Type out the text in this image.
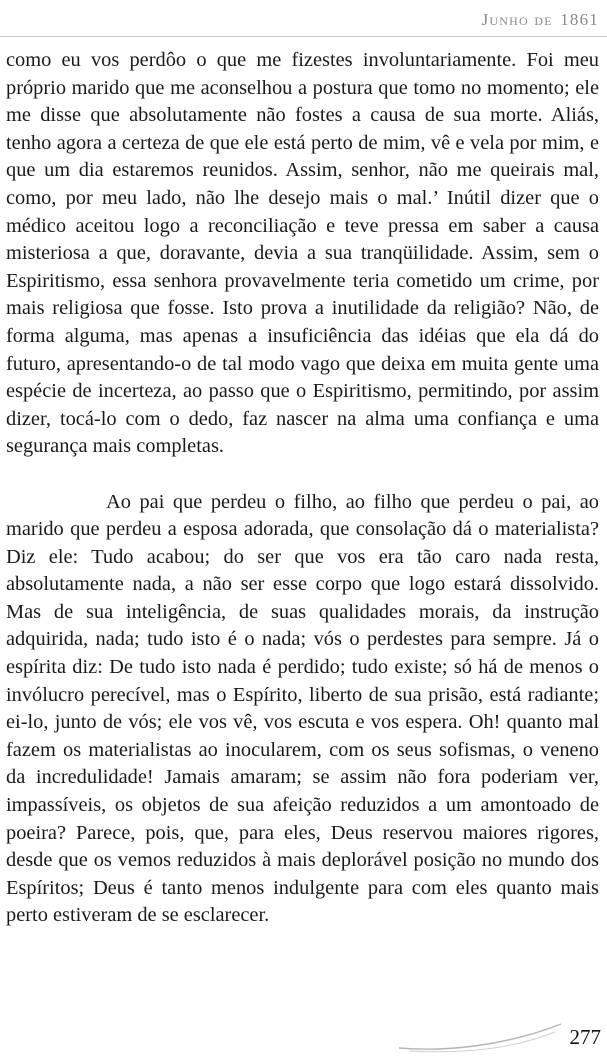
Junho de 1861

como eu vos perdôo o que me fizestes involuntariamente. Foi meu próprio marido que me aconselhou a postura que tomo no momento; ele me disse que absolutamente não fostes a causa de sua morte. Aliás, tenho agora a certeza de que ele está perto de mim, vê e vela por mim, e que um dia estaremos reunidos. Assim, senhor, não me queirais mal, como, por meu lado, não lhe desejo mais o mal.’ Inútil dizer que o médico aceitou logo a reconciliação e teve pressa em saber a causa misteriosa a que, doravante, devia a sua tranqüilidade. Assim, sem o Espiritismo, essa senhora provavelmente teria cometido um crime, por mais religiosa que fosse. Isto prova a inutilidade da religião? Não, de forma alguma, mas apenas a insuficiência das idéias que ela dá do futuro, apresentando-o de tal modo vago que deixa em muita gente uma espécie de incerteza, ao passo que o Espiritismo, permitindo, por assim dizer, tocá-lo com o dedo, faz nascer na alma uma confiança e uma segurança mais completas.

Ao pai que perdeu o filho, ao filho que perdeu o pai, ao marido que perdeu a esposa adorada, que consolação dá o materialista? Diz ele: Tudo acabou; do ser que vos era tão caro nada resta, absolutamente nada, a não ser esse corpo que logo estará dissolvido. Mas de sua inteligência, de suas qualidades morais, da instrução adquirida, nada; tudo isto é o nada; vós o perdestes para sempre. Já o espírita diz: De tudo isto nada é perdido; tudo existe; só há de menos o invólucro perecível, mas o Espírito, liberto de sua prisão, está radiante; ei-lo, junto de vós; ele vos vê, vos escuta e vos espera. Oh! quanto mal fazem os materialistas ao inocularem, com os seus sofismas, o veneno da incredulidade! Jamais amaram; se assim não fora poderiam ver, impassíveis, os objetos de sua afeição reduzidos a um amontoado de poeira? Parece, pois, que, para eles, Deus reservou maiores rigores, desde que os vemos reduzidos à mais deplorável posição no mundo dos Espíritos; Deus é tanto menos indulgente para com eles quanto mais perto estiveram de se esclarecer.

277
